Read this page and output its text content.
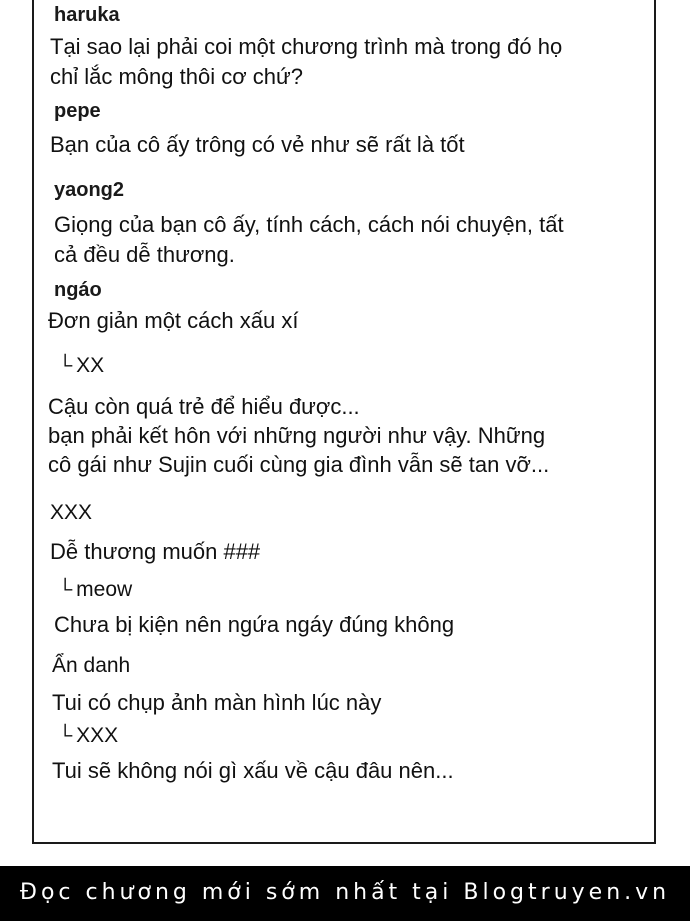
haruka
Tại sao lại phải coi một chương trình mà trong đó họ
chỉ lắc mông thôi cơ chứ?
pepe
Bạn của cô ấy trông có vẻ như sẽ rất là tốt
yaong2
Giọng của bạn cô ấy, tính cách, cách nói chuyện, tất
cả đều dễ thương.
ngáo
Đơn giản một cách xấu xí
└ XX
Cậu còn quá trẻ để hiểu được...
bạn phải kết hôn với những người như vậy. Những
cô gái như Sujin cuối cùng gia đình vẫn sẽ tan vỡ...
XXX
Dễ thương muốn ###
└ meow
Chưa bị kiện nên ngứa ngáy đúng không
Ẩn danh
Tui có chụp ảnh màn hình lúc này
└ XXX
Tui sẽ không nói gì xấu về cậu đâu nên...
Đọc chương mới sớm nhất tại Blogtruyen.vn
